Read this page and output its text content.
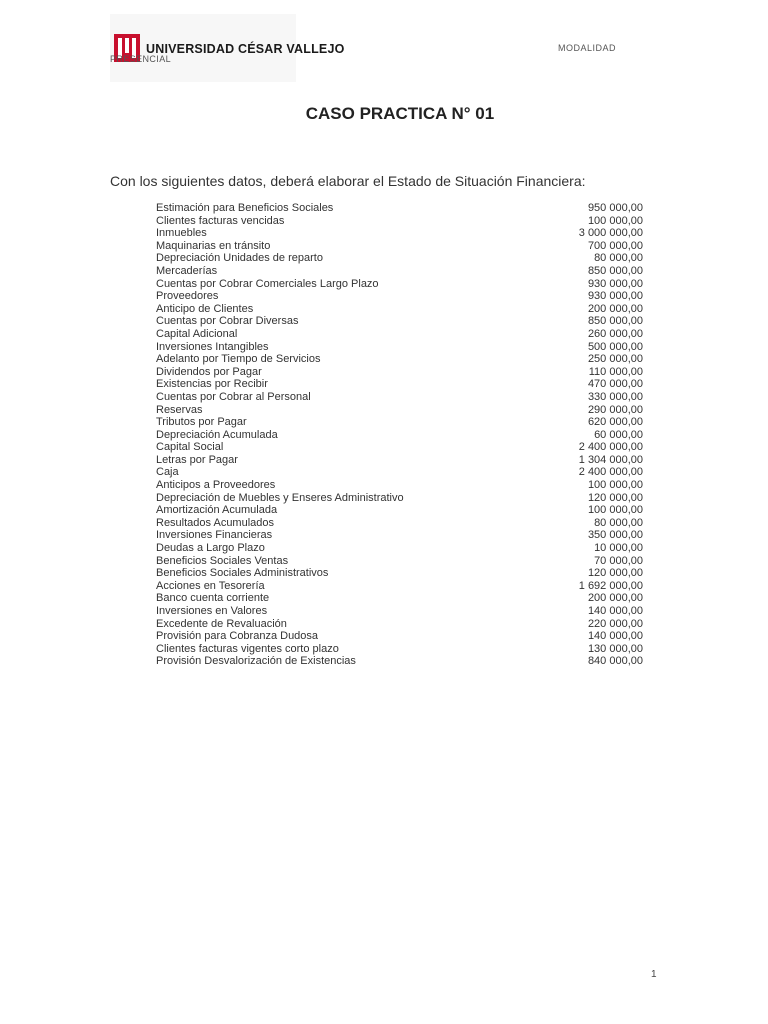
UNIVERSIDAD CÉSAR VALLEJO
PRESENCIAL
MODALIDAD
CASO PRACTICA N° 01
Con los siguientes datos, deberá elaborar el Estado de Situación Financiera:
Estimación para Beneficios Sociales	950 000,00
Clientes facturas vencidas	100 000,00
Inmuebles	3 000 000,00
Maquinarias en tránsito	700 000,00
Depreciación Unidades de reparto	80 000,00
Mercaderías	850 000,00
Cuentas por Cobrar Comerciales Largo Plazo	930 000,00
Proveedores	930 000,00
Anticipo de Clientes	200 000,00
Cuentas por Cobrar Diversas	850 000,00
Capital Adicional	260 000,00
Inversiones Intangibles	500 000,00
Adelanto por Tiempo de Servicios	250 000,00
Dividendos por Pagar	110 000,00
Existencias por Recibir	470 000,00
Cuentas por Cobrar al Personal	330 000,00
Reservas	290 000,00
Tributos por Pagar	620 000,00
Depreciación Acumulada	60 000,00
Capital Social	2 400 000,00
Letras por Pagar	1 304 000,00
Caja	2 400 000,00
Anticipos a Proveedores	100 000,00
Depreciación de Muebles y Enseres Administrativo	120 000,00
Amortización Acumulada	100 000,00
Resultados Acumulados	80 000,00
Inversiones Financieras	350 000,00
Deudas a Largo Plazo	10 000,00
Beneficios Sociales Ventas	70 000,00
Beneficios Sociales Administrativos	120 000,00
Acciones en Tesorería	1 692 000,00
Banco cuenta corriente	200 000,00
Inversiones en Valores	140 000,00
Excedente de Revaluación	220 000,00
Provisión para Cobranza Dudosa	140 000,00
Clientes facturas vigentes corto plazo	130 000,00
Provisión Desvalorización de Existencias	840 000,00
1
